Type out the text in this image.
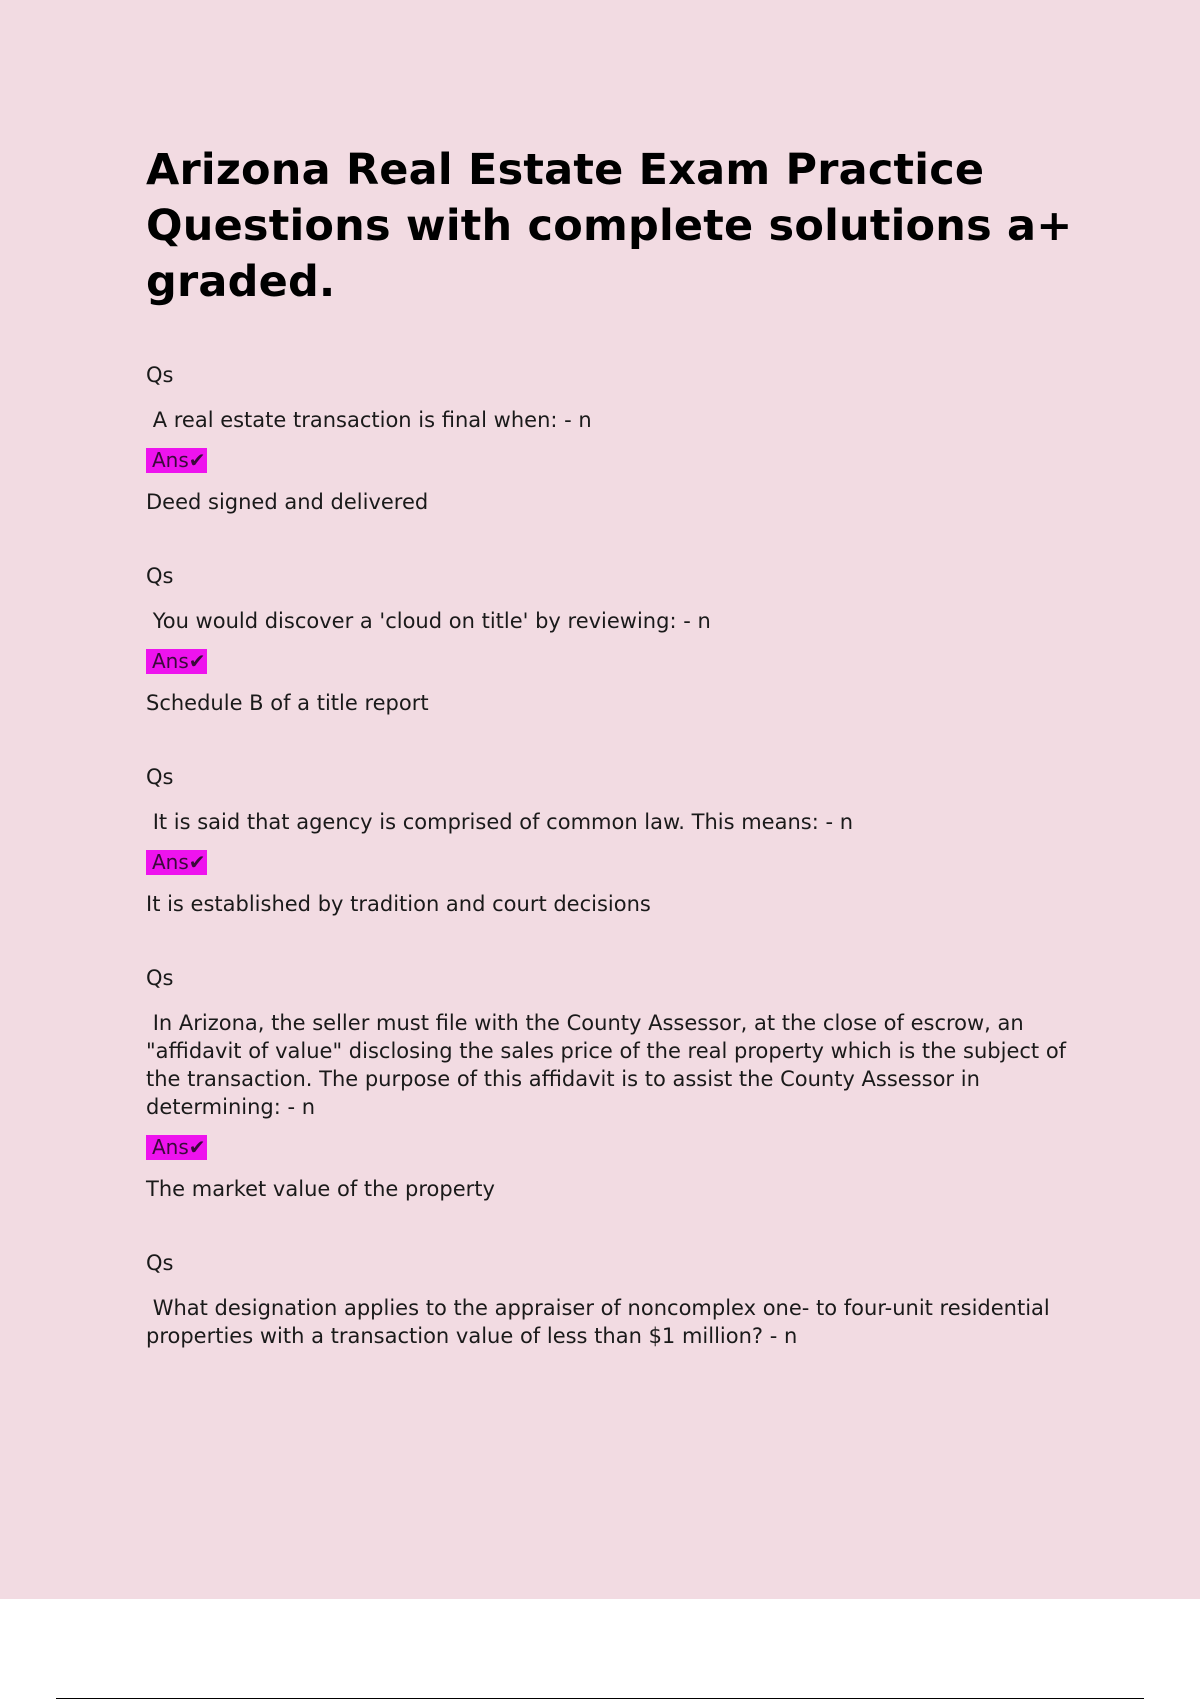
Arizona Real Estate Exam Practice Questions with complete solutions a+ graded.
Qs
A real estate transaction is final when: - n
Ans✔
Deed signed and delivered
Qs
You would discover a 'cloud on title' by reviewing: - n
Ans✔
Schedule B of a title report
Qs
It is said that agency is comprised of common law. This means: - n
Ans✔
It is established by tradition and court decisions
Qs
In Arizona, the seller must file with the County Assessor, at the close of escrow, an "affidavit of value" disclosing the sales price of the real property which is the subject of the transaction. The purpose of this affidavit is to assist the County Assessor in determining: - n
Ans✔
The market value of the property
Qs
What designation applies to the appraiser of noncomplex one- to four-unit residential properties with a transaction value of less than $1 million? - n
